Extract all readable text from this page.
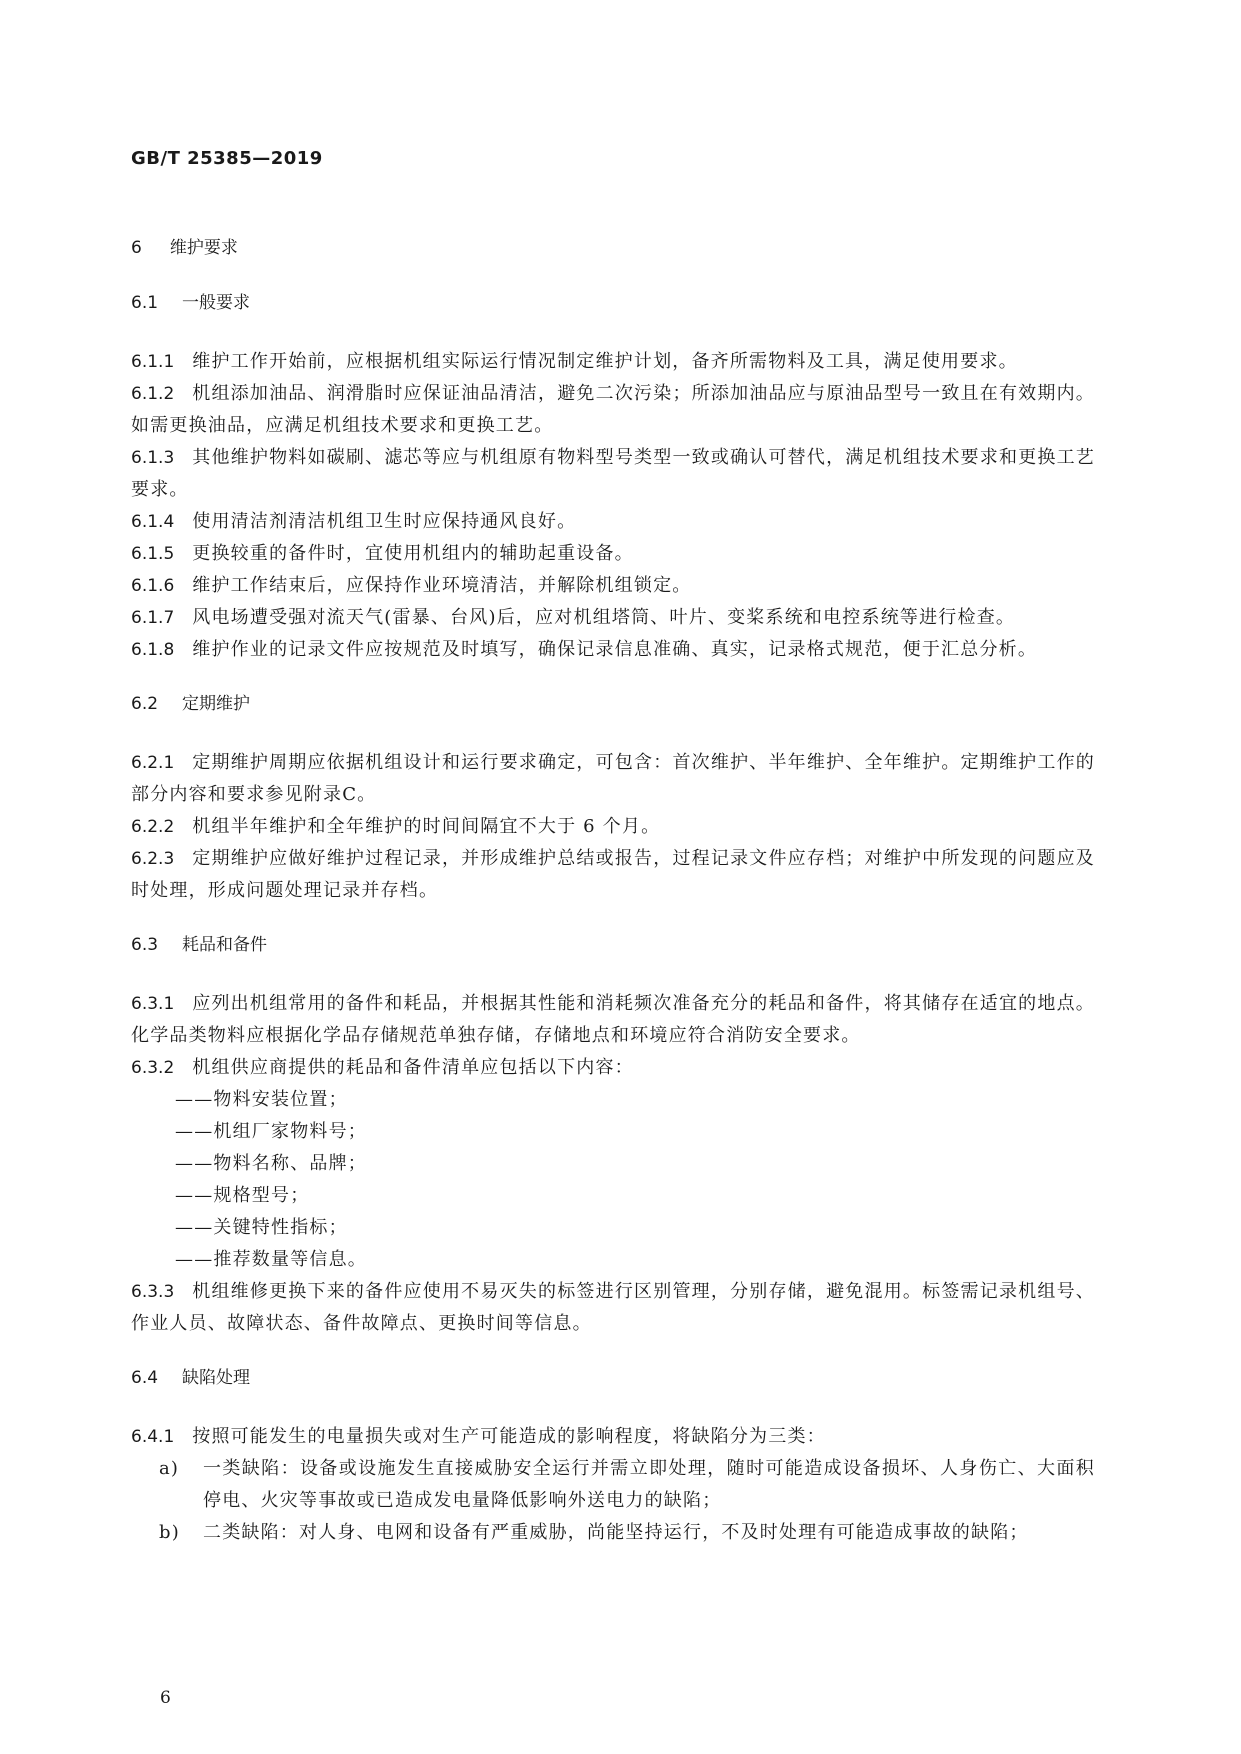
GB/T 25385—2019
6 维护要求
6.1 一般要求

6.1.1 维护工作开始前，应根据机组实际运行情况制定维护计划，备齐所需物料及工具，满足使用要求。

6.1.2 机组添加油品、润滑脂时应保证油品清洁，避免二次污染；所添加油品应与原油品型号一致且在有效期内。如需更换油品，应满足机组技术要求和更换工艺。

6.1.3 其他维护物料如碳刷、滤芯等应与机组原有物料型号类型一致或确认可替代，满足机组技术要求和更换工艺要求。

6.1.4 使用清洁剂清洁机组卫生时应保持通风良好。

6.1.5 更换较重的备件时，宜使用机组内的辅助起重设备。

6.1.6 维护工作结束后，应保持作业环境清洁，并解除机组锁定。

6.1.7 风电场遭受强对流天气(雷暴、台风)后，应对机组塔筒、叶片、变桨系统和电控系统等进行检查。

6.1.8 维护作业的记录文件应按规范及时填写，确保记录信息准确、真实，记录格式规范，便于汇总分析。

6.2 定期维护

6.2.1 定期维护周期应依据机组设计和运行要求确定，可包含：首次维护、半年维护、全年维护。定期维护工作的部分内容和要求参见附录C。

6.2.2 机组半年维护和全年维护的时间间隔宜不大于 6 个月。

6.2.3 定期维护应做好维护过程记录，并形成维护总结或报告，过程记录文件应存档；对维护中所发现的问题应及时处理，形成问题处理记录并存档。

6.3 耗品和备件

6.3.1 应列出机组常用的备件和耗品，并根据其性能和消耗频次准备充分的耗品和备件，将其储存在适宜的地点。化学品类物料应根据化学品存储规范单独存储，存储地点和环境应符合消防安全要求。

6.3.2 机组供应商提供的耗品和备件清单应包括以下内容：

——物料安装位置；
——机组厂家物料号；
——物料名称、品牌；
——规格型号；
——关键特性指标；
——推荐数量等信息。

6.3.3 机组维修更换下来的备件应使用不易灭失的标签进行区别管理，分别存储，避免混用。标签需记录机组号、作业人员、故障状态、备件故障点、更换时间等信息。

6.4 缺陷处理

6.4.1 按照可能发生的电量损失或对生产可能造成的影响程度，将缺陷分为三类：

a)	一类缺陷：设备或设施发生直接威胁安全运行并需立即处理，随时可能造成设备损坏、人身伤亡、大面积停电、火灾等事故或已造成发电量降低影响外送电力的缺陷；
b)	二类缺陷：对人身、电网和设备有严重威胁，尚能坚持运行，不及时处理有可能造成事故的缺陷；
6
